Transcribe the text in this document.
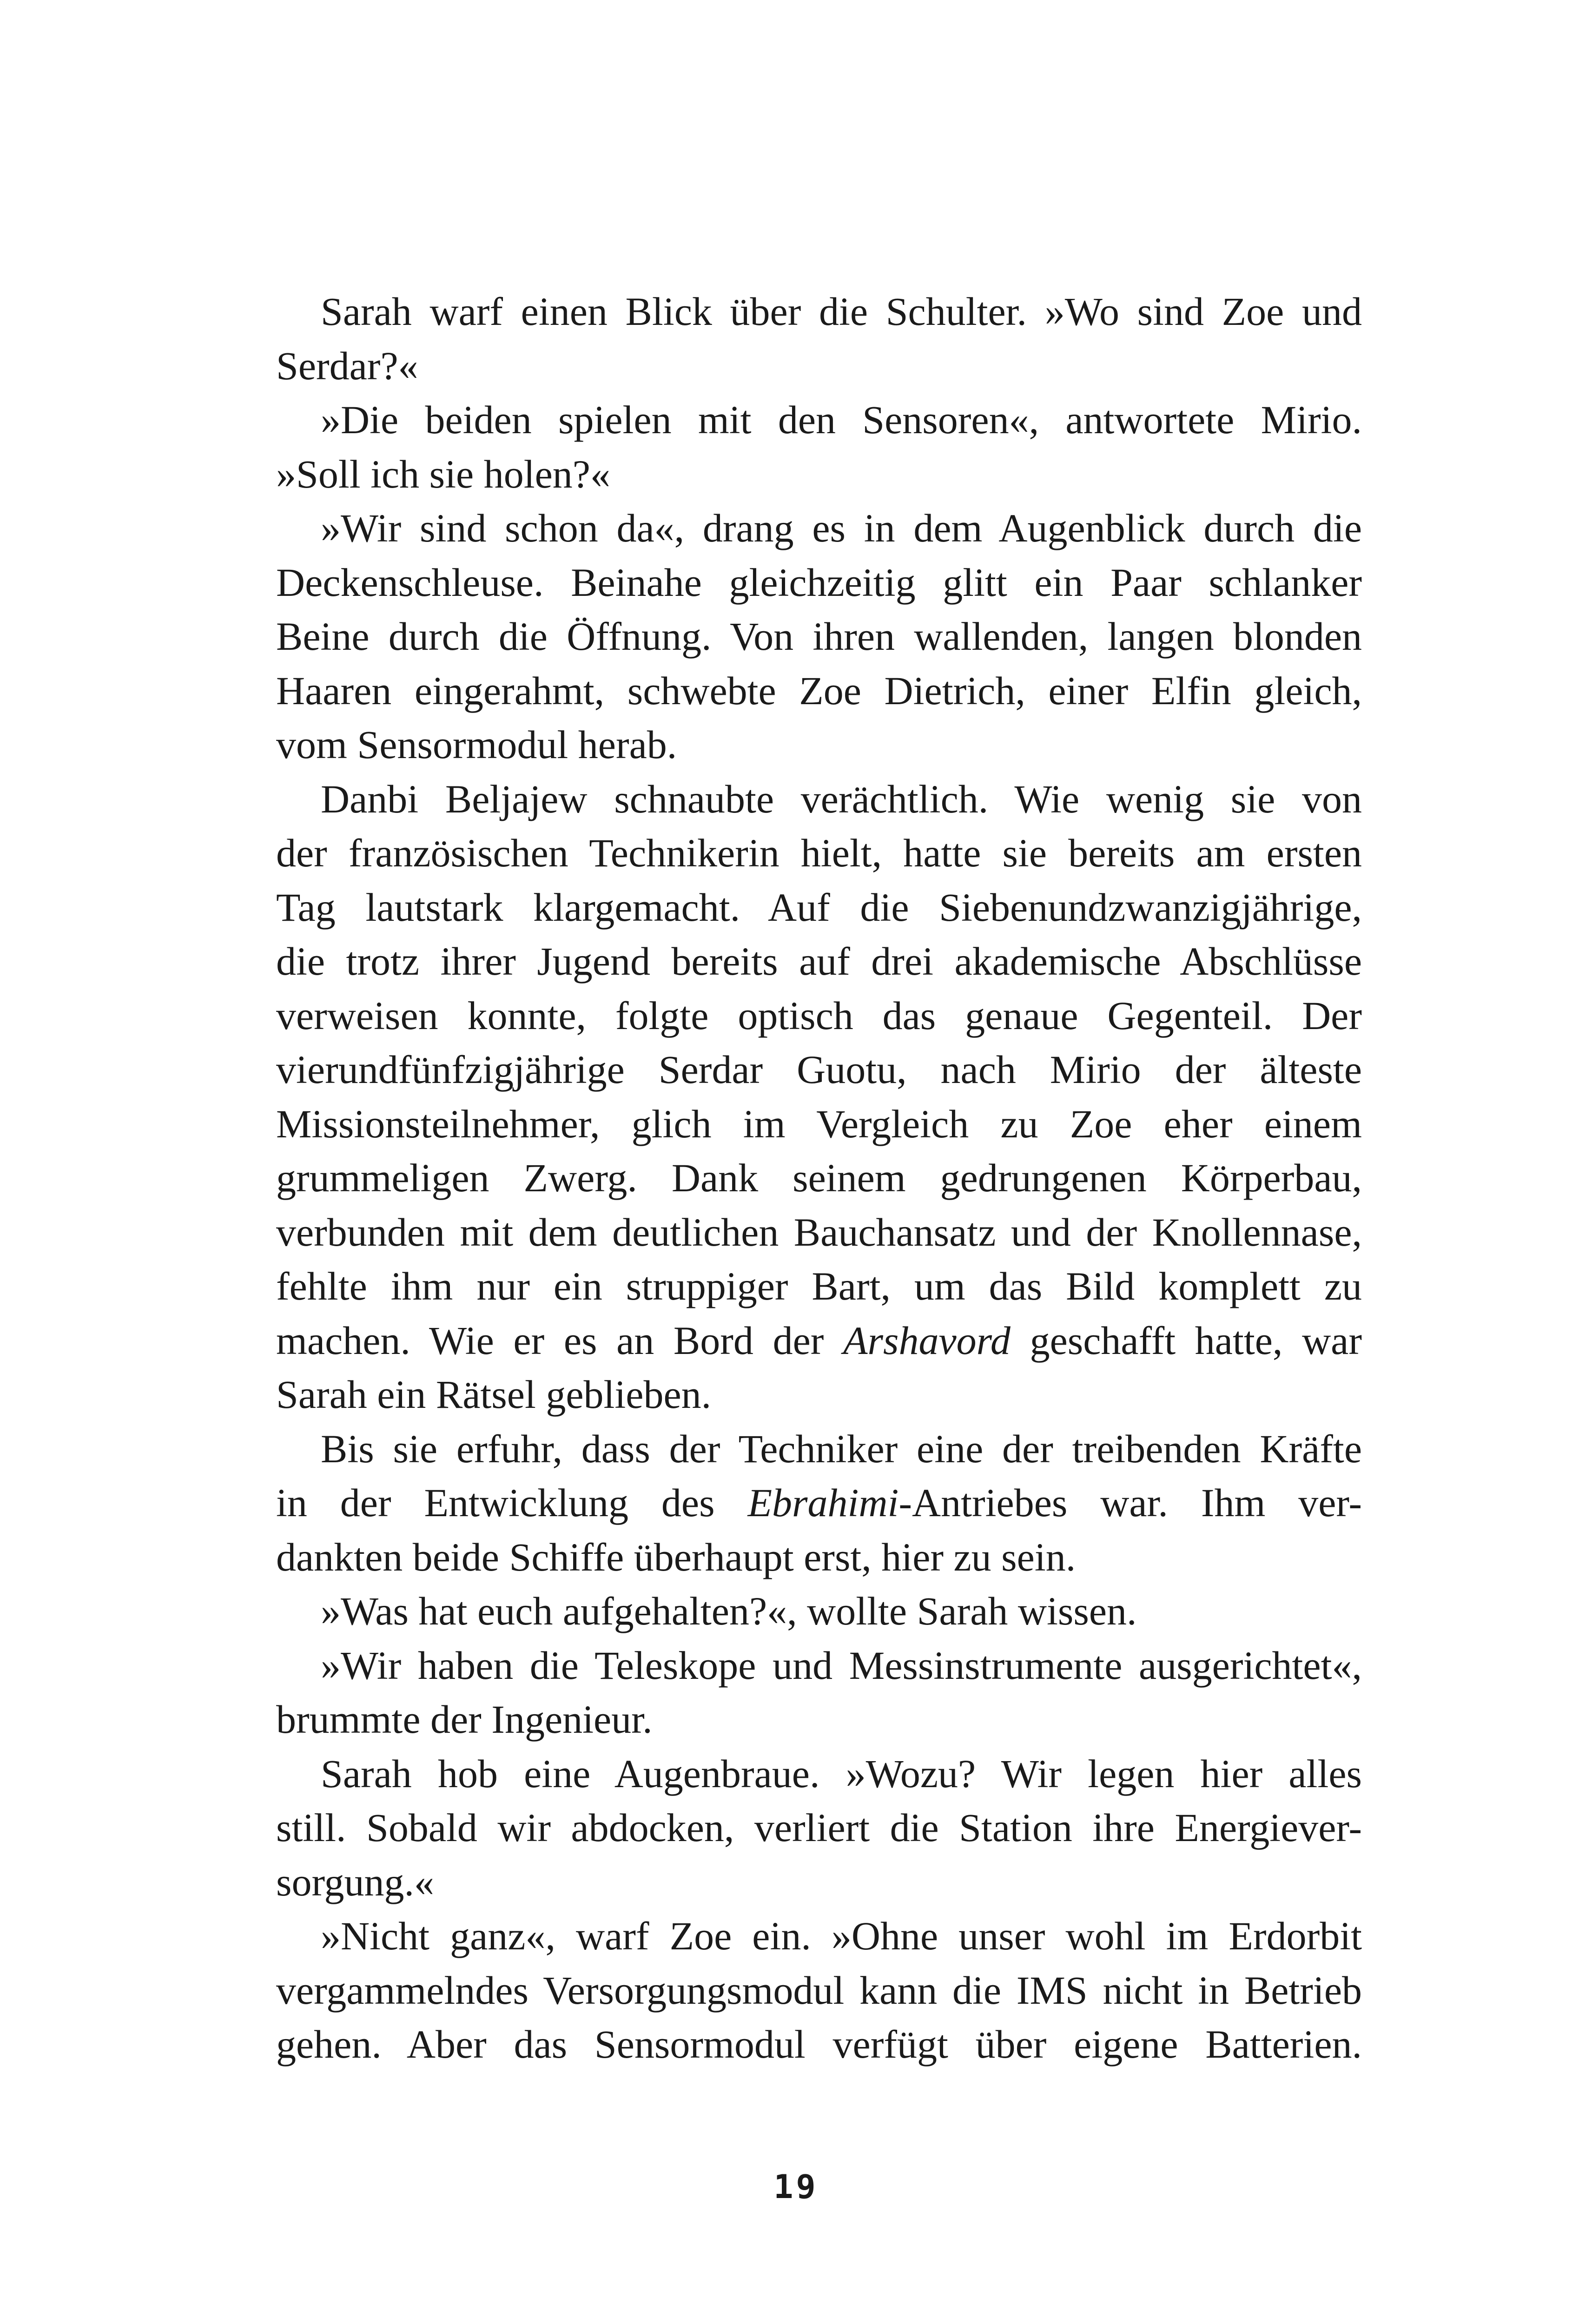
Sarah warf einen Blick über die Schulter. »Wo sind Zoe und
Serdar?«
»Die beiden spielen mit den Sensoren«, antwortete Mirio.
»Soll ich sie holen?«
»Wir sind schon da«, drang es in dem Augenblick durch die
Deckenschleuse. Beinahe gleichzeitig glitt ein Paar schlanker
Beine durch die Öffnung. Von ihren wallenden, langen blonden
Haaren eingerahmt, schwebte Zoe Dietrich, einer Elfin gleich,
vom Sensormodul herab.
Danbi Beljajew schnaubte verächtlich. Wie wenig sie von
der französischen Technikerin hielt, hatte sie bereits am ersten
Tag lautstark klargemacht. Auf die Siebenundzwanzigjährige,
die trotz ihrer Jugend bereits auf drei akademische Abschlüsse
verweisen konnte, folgte optisch das genaue Gegenteil. Der
vierundfünfzigjährige Serdar Guotu, nach Mirio der älteste
Missionsteilnehmer, glich im Vergleich zu Zoe eher einem
grummeligen Zwerg. Dank seinem gedrungenen Körperbau,
verbunden mit dem deutlichen Bauchansatz und der Knollennase,
fehlte ihm nur ein struppiger Bart, um das Bild komplett zu
machen. Wie er es an Bord der Arshavord geschafft hatte, war
Sarah ein Rätsel geblieben.
Bis sie erfuhr, dass der Techniker eine der treibenden Kräfte
in der Entwicklung des Ebrahimi-Antriebes war. Ihm ver-
dankten beide Schiffe überhaupt erst, hier zu sein.
»Was hat euch aufgehalten?«, wollte Sarah wissen.
»Wir haben die Teleskope und Messinstrumente ausgerichtet«,
brummte der Ingenieur.
Sarah hob eine Augenbraue. »Wozu? Wir legen hier alles
still. Sobald wir abdocken, verliert die Station ihre Energiever-
sorgung.«
»Nicht ganz«, warf Zoe ein. »Ohne unser wohl im Erdorbit
vergammelndes Versorgungsmodul kann die IMS nicht in Betrieb
gehen. Aber das Sensormodul verfügt über eigene Batterien.
19
